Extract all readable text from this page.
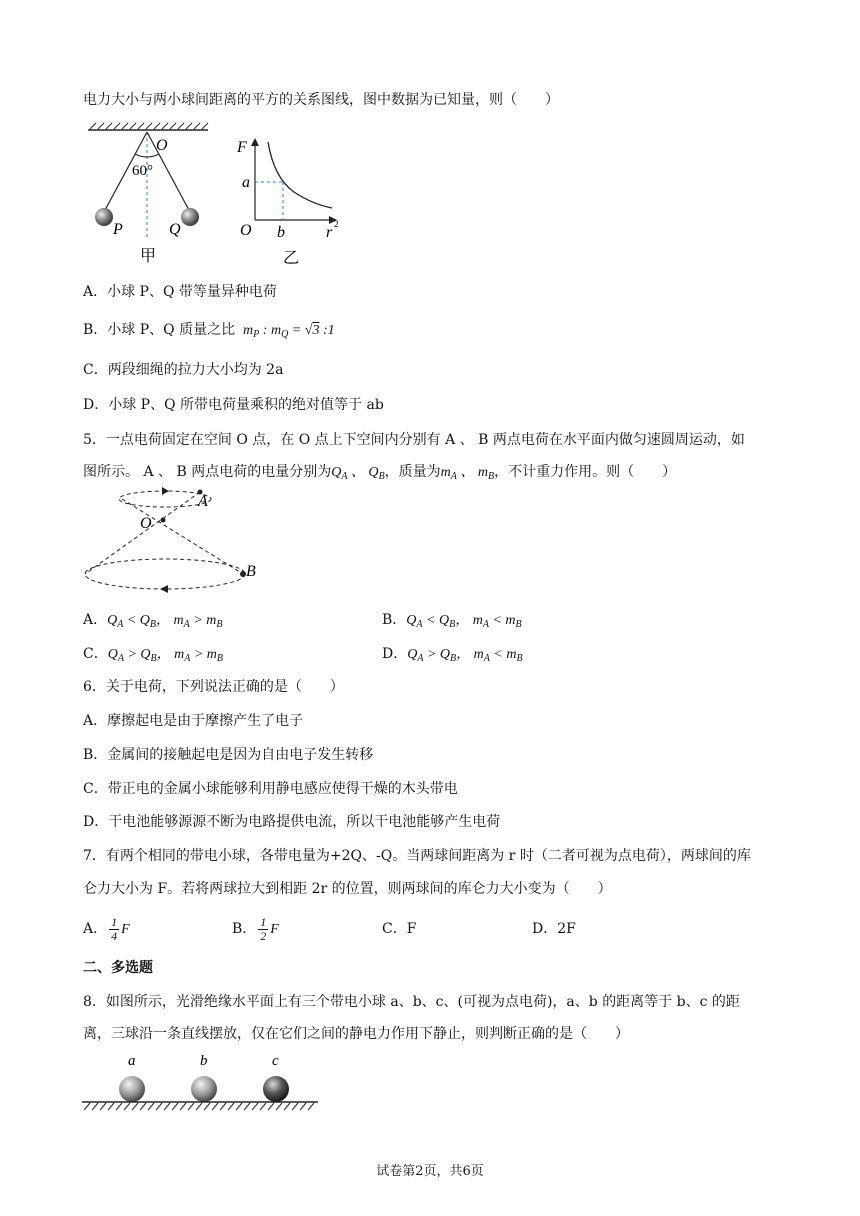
电力大小与两小球间距离的平方的关系图线，图中数据为已知量，则（　　）
O
60°
P	Q
甲
F
a
O b	r 2
乙
A．小球 P、Q 带等量异种电荷
B．小球 P、Q 质量之比  $m_P$ : $m_Q = √3$ :1
C．两段细绳的拉力大小均为 2a
D．小球 P、Q 所带电荷量乘积的绝对值等于 ab
5．一点电荷固定在空间 O 点，在 O 点上下空间内分别有 A 、 B 两点电荷在水平面内做匀速圆周运动，如
图所示。 A 、 B 两点电荷的电量分别为$Q_A$ 、 $Q_B$，质量为$m_A$ 、 $m_B$，不计重力作用。则（　　）
A
O
B
A．$Q_A < Q_B$， $m_A > m_B$	B．$Q_A < Q_B$， $m_A < m_B$
C．$Q_A > Q_B$， $m_A > m_B$	D．$Q_A > Q_B$， $m_A < m_B$
6．关于电荷，下列说法正确的是（　　）
A．摩擦起电是由于摩擦产生了电子
B．金属间的接触起电是因为自由电子发生转移
C．带正电的金属小球能够利用静电感应使得干燥的木头带电
D．干电池能够源源不断为电路提供电流，所以干电池能够产生电荷
7．有两个相同的带电小球，各带电量为+2Q、-Q。当两球间距离为 r 时（二者可视为点电荷），两球间的库
仑力大小为 F。若将两球拉大到相距 2r 的位置，则两球间的库仑力大小变为（　　）
A． $\frac{1}{4}$ F	B． $\frac{1}{2}$ F	C．F	D．2F
二、多选题
8．如图所示，光滑绝缘水平面上有三个带电小球 a、b、c、(可视为点电荷)，a、b 的距离等于 b、c 的距
离，三球沿一条直线摆放，仅在它们之间的静电力作用下静止，则判断正确的是（　　）
a	b	c
试卷第2页，共6页
